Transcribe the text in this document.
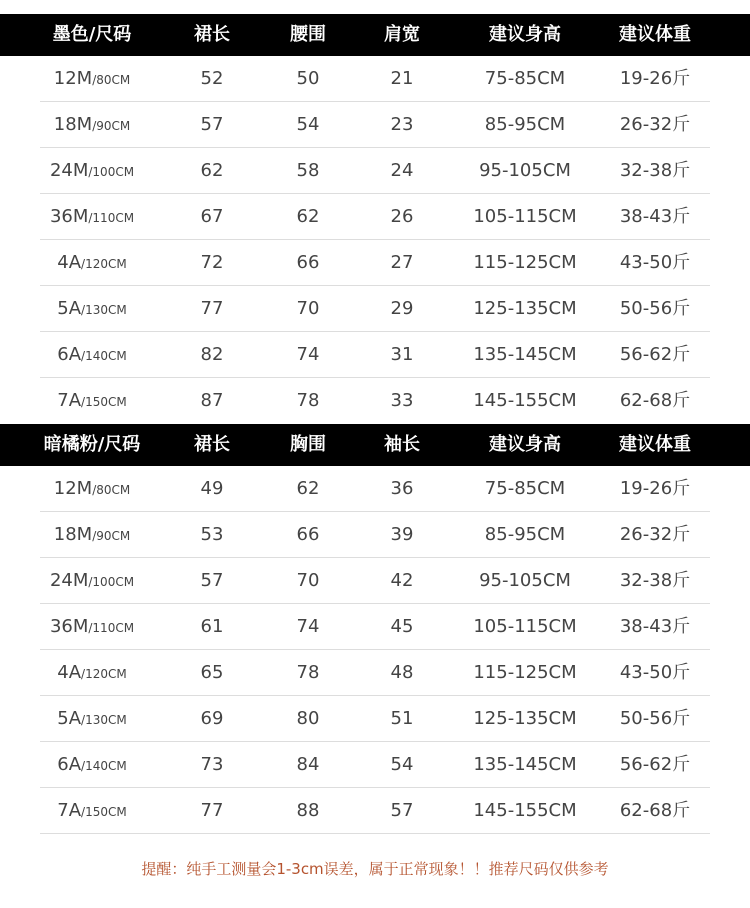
墨色/尺码	裙长	腰围	肩宽	建议身高	建议体重
12M/80CM	52	50	21	75-85CM	19-26斤
18M/90CM	57	54	23	85-95CM	26-32斤
24M/100CM	62	58	24	95-105CM	32-38斤
36M/110CM	67	62	26	105-115CM 38-43斤
4A/120CM	72	66	27	115-125CM 43-50斤
5A/130CM	77	70	29	125-135CM 50-56斤
6A/140CM	82	74	31	135-145CM 56-62斤
7A/150CM	87	78	33	145-155CM 62-68斤
暗橘粉/尺码	裙长	胸围	袖长	建议身高	建议体重
12M/80CM	49	62	36	75-85CM	19-26斤
18M/90CM	53	66	39	85-95CM	26-32斤
24M/100CM	57	70	42	95-105CM	32-38斤
36M/110CM	61	74	45	105-115CM 38-43斤
4A/120CM	65	78	48	115-125CM 43-50斤
5A/130CM	69	80	51	125-135CM 50-56斤
6A/140CM	73	84	54	135-145CM 56-62斤
7A/150CM	77	88	57	145-155CM 62-68斤
提醒：纯手工测量会1-3cm误差，属于正常现象！！推荐尺码仅供参考
